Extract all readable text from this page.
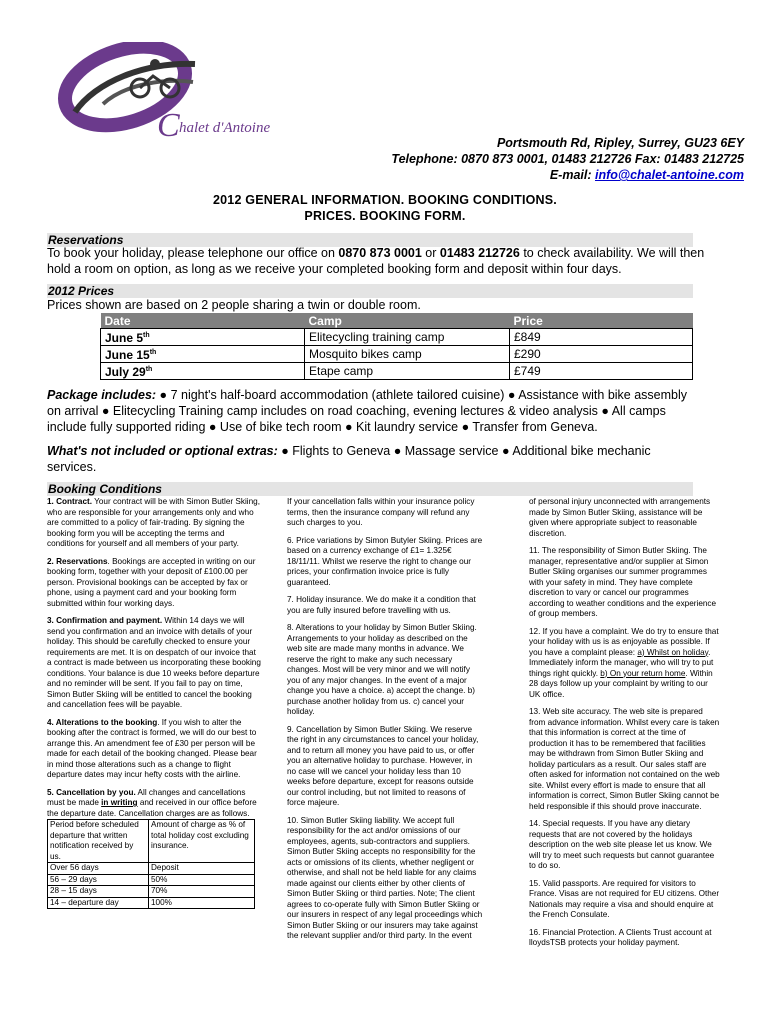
C halet d'Antoine
Portsmouth Rd, Ripley, Surrey, GU23 6EY
Telephone: 0870 873 0001, 01483 212726 Fax: 01483 212725
E-mail: info@chalet-antoine.com
2012 GENERAL INFORMATION. BOOKING CONDITIONS.
PRICES. BOOKING FORM.
Reservations
To book your holiday, please telephone our office on 0870 873 0001 or 01483 212726 to check availability. We will then hold a room on option, as long as we receive your completed booking form and deposit within four days.
2012 Prices
Prices shown are based on 2 people sharing a twin or double room.
Date	Camp	Price
June 5th	Elitecycling training camp	£849
June 15th	Mosquito bikes camp	£290
July 29th	Etape camp	£749
Package includes: ● 7 night's half-board accommodation (athlete tailored cuisine) ● Assistance with bike assembly on arrival ● Elitecycling Training camp includes on road coaching, evening lectures & video analysis ● All camps include fully supported riding ● Use of bike tech room ● Kit laundry service ● Transfer from Geneva.
What's not included or optional extras: ● Flights to Geneva ● Massage service ● Additional bike mechanic services.
Booking Conditions

1. Contract. Your contract will be with Simon Butler Skiing, who are responsible for your arrangements only and who are committed to a policy of fair-trading. By signing the booking form you will be accepting the terms and conditions for yourself and all members of your party.

2. Reservations. Bookings are accepted in writing on our booking form, together with your deposit of £100.00 per person. Provisional bookings can be accepted by fax or phone, using a payment card and your booking form submitted within four working days.

3. Confirmation and payment. Within 14 days we will send you confirmation and an invoice with details of your holiday. This should be carefully checked to ensure your requirements are met. It is on despatch of our invoice that a contract is made between us incorporating these booking conditions. Your balance is due 10 weeks before departure and no reminder will be sent. If you fail to pay on time, Simon Butler Skiing will be entitled to cancel the booking and cancellation fees will be payable.

4. Alterations to the booking. If you wish to alter the booking after the contract is formed, we will do our best to arrange this. An amendment fee of £30 per person will be made for each detail of the booking changed. Please bear in mind those alterations such as a change to flight departure dates may incur hefty costs with the airline.

5. Cancellation by you. All changes and cancellations must be made in writing and received in our office before the departure date. Cancellation charges are as follows.

Period before scheduled departure that written notification received by us.	Amount of charge as % of total holiday cost excluding insurance.
Over 56 days	Deposit
56 – 29 days	50%
28 – 15 days	70%
14 – departure day	100%

If your cancellation falls within your insurance policy terms, then the insurance company will refund any such charges to you.

6. Price variations by Simon Butyler Skiing. Prices are based on a currency exchange of £1= 1.325€ 18/11/11. Whilst we reserve the right to change our prices, your confirmation invoice price is fully guaranteed.

7. Holiday insurance. We do make it a condition that you are fully insured before travelling with us.

8. Alterations to your holiday by Simon Butler Skiing. Arrangements to your holiday as described on the web site are made many months in advance. We reserve the right to make any such necessary changes. Most will be very minor and we will notify you of any major changes. In the event of a major change you have a choice. a) accept the change. b) purchase another holiday from us. c) cancel your holiday.

9. Cancellation by Simon Butler Skiing. We reserve the right in any circumstances to cancel your holiday, and to return all money you have paid to us, or offer you an alternative holiday to purchase. However, in no case will we cancel your holiday less than 10 weeks before departure, except for reasons outside our control including, but not limited to reasons of force majeure.

10. Simon Butler Skiing liability. We accept full responsibility for the act and/or omissions of our employees, agents, sub-contractors and suppliers. Simon Butler Skiing accepts no responsibility for the acts or omissions of its clients, whether negligent or otherwise, and shall not be held liable for any claims made against our clients either by other clients of Simon Butler Skiing or third parties. Note; The client agrees to co-operate fully with Simon Butler Skiing or our insurers in respect of any legal proceedings which Simon Butler Skiing or our insurers may take against the relevant supplier and/or third party. In the event

of personal injury unconnected with arrangements made by Simon Butler Skiing, assistance will be given where appropriate subject to reasonable discretion.

11. The responsibility of Simon Butler Skiing. The manager, representative and/or supplier at Simon Butler Skiing organises our summer programmes with your safety in mind. They have complete discretion to vary or cancel our programmes according to weather conditions and the experience of group members.

12. If you have a complaint. We do try to ensure that your holiday with us is as enjoyable as possible. If you have a complaint please: a) Whilst on holiday. Immediately inform the manager, who will try to put things right quickly. b) On your return home. Within 28 days follow up your complaint by writing to our UK office.

13. Web site accuracy. The web site is prepared from advance information. Whilst every care is taken that this information is correct at the time of production it has to be remembered that facilities may be withdrawn from Simon Butler Skiing and holiday particulars as a result. Our sales staff are often asked for information not contained on the web site. Whilst every effort is made to ensure that all information is correct, Simon Butler Skiing cannot be held responsible if this should prove inaccurate.

14. Special requests. If you have any dietary requests that are not covered by the holidays description on the web site please let us know. We will try to meet such requests but cannot guarantee to do so.

15. Valid passports. Are required for visitors to France. Visas are not required for EU citizens. Other Nationals may require a visa and should enquire at the French Consulate.

16. Financial Protection. A Clients Trust account at lloydsTSB protects your holiday payment.
